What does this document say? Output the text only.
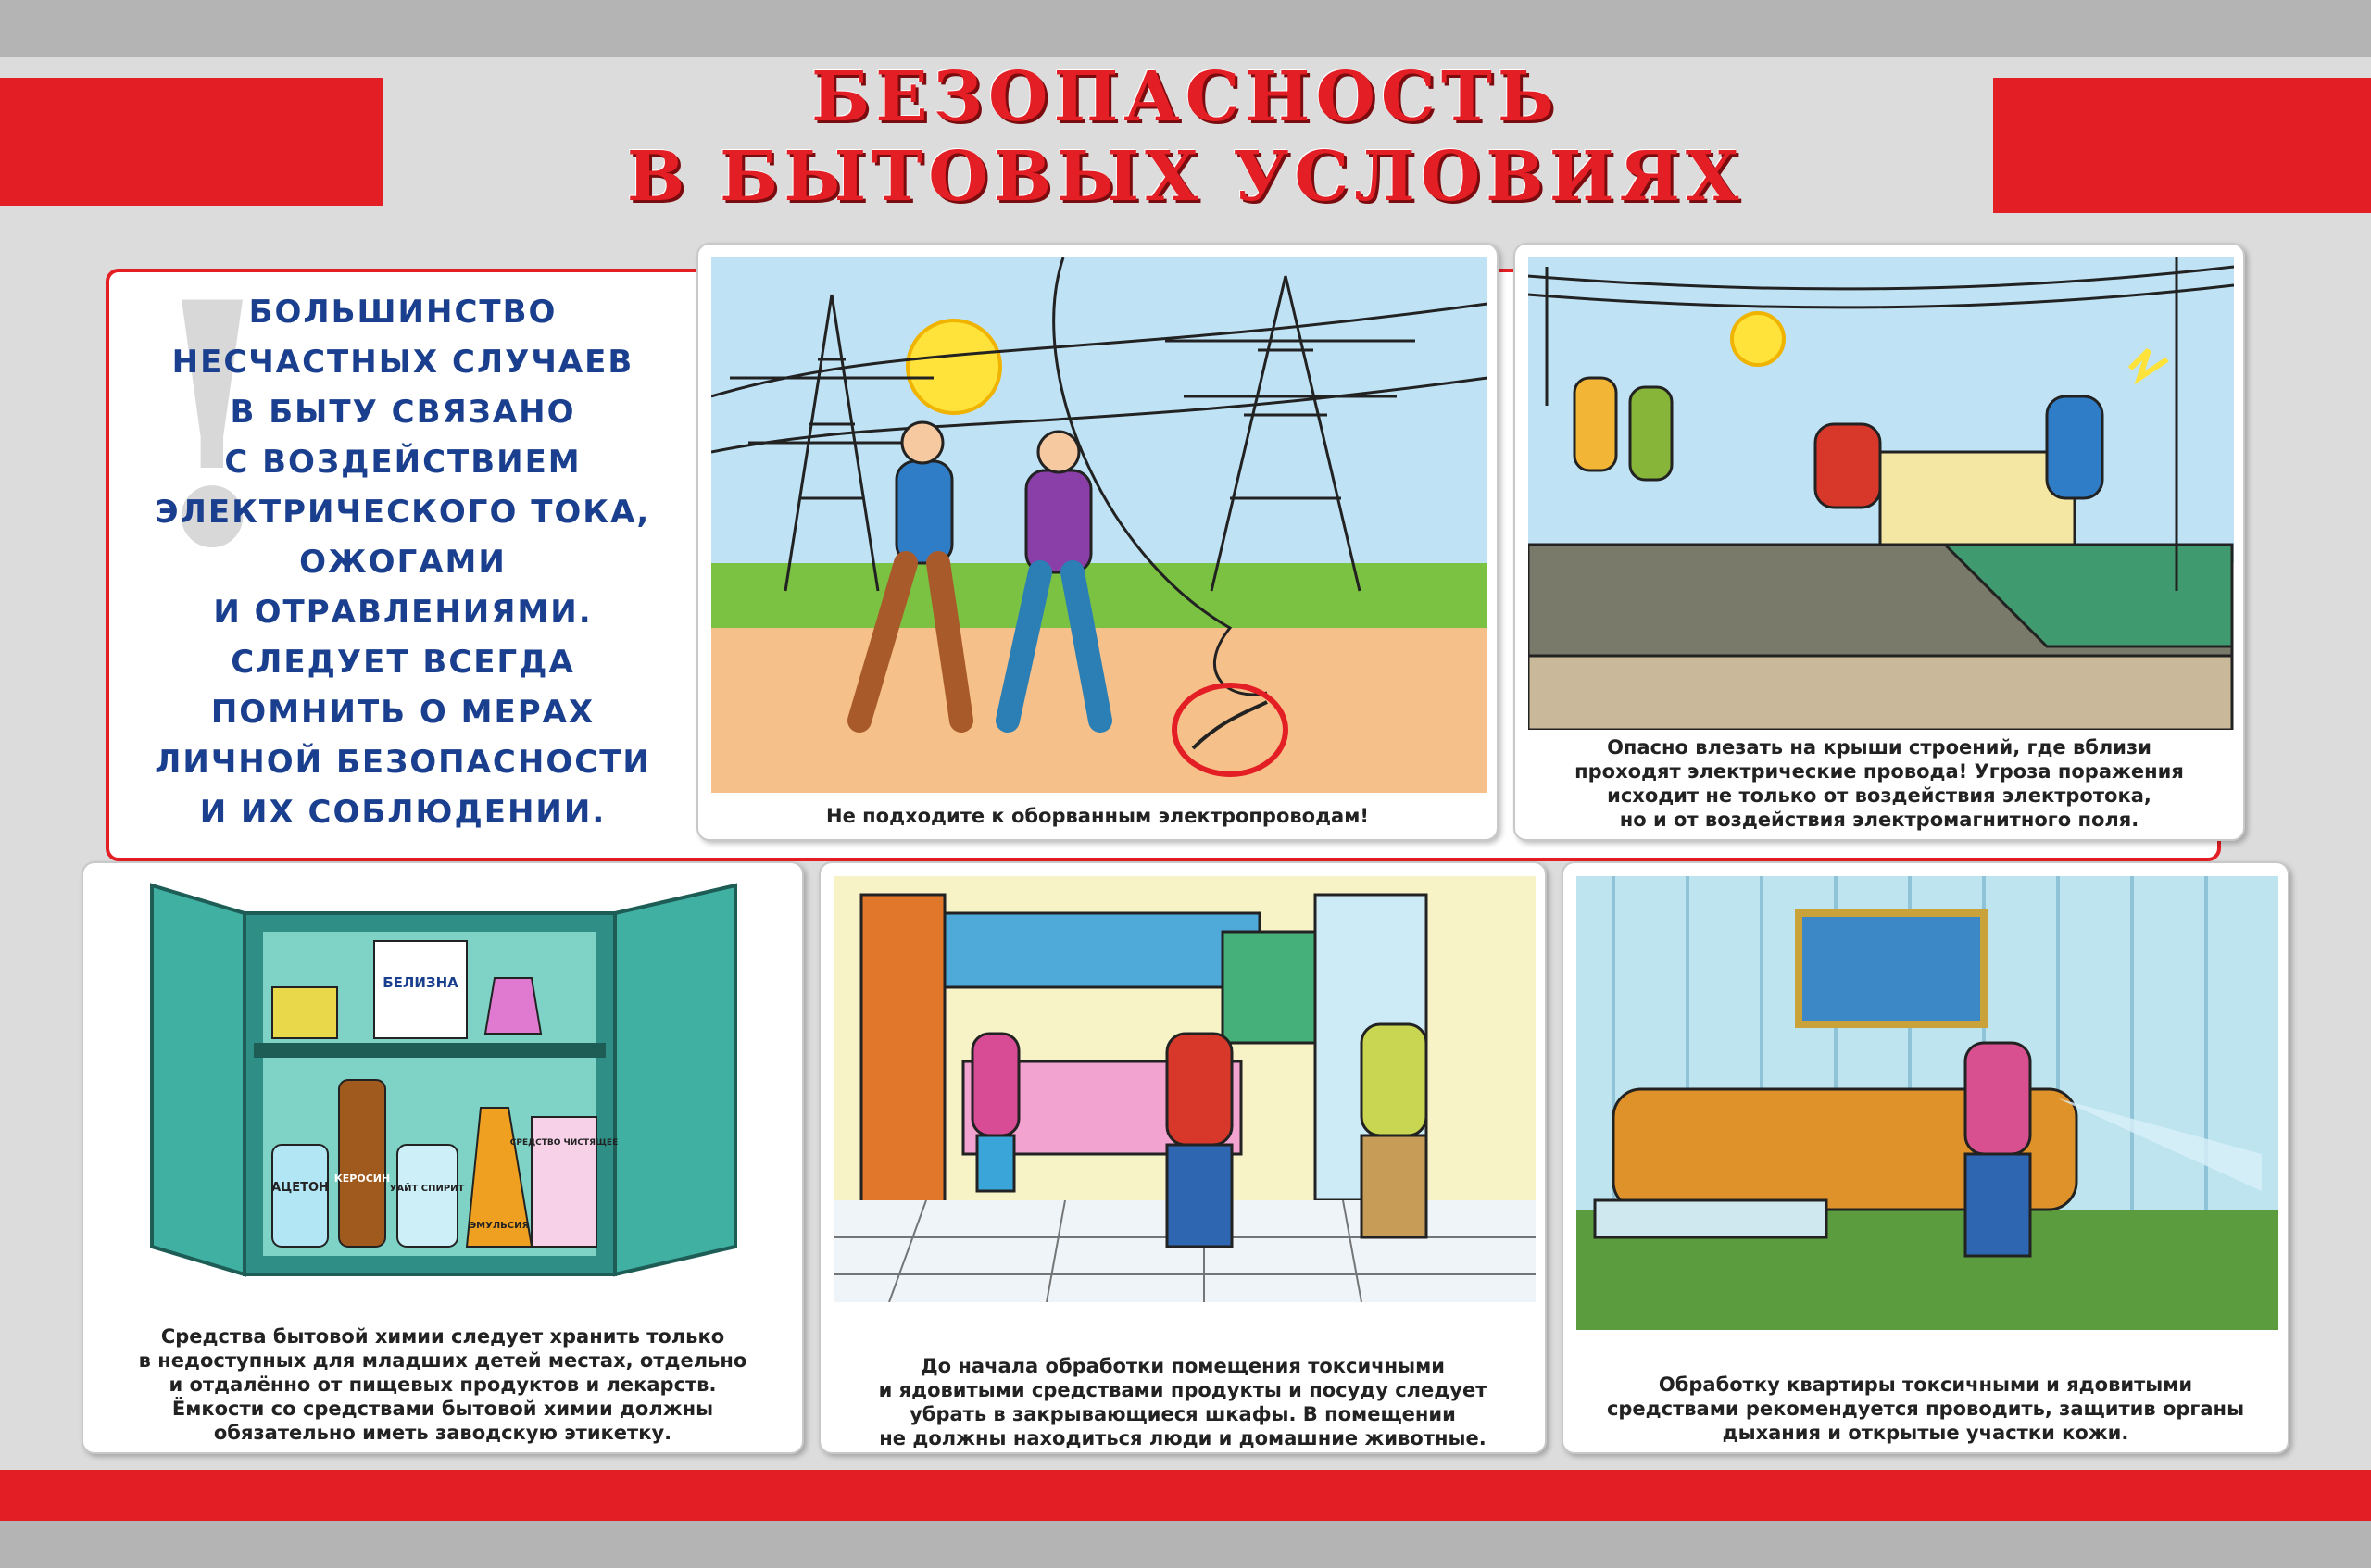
БЕЗОПАСНОСТЬ
В БЫТОВЫХ УСЛОВИЯХ
!

БОЛЬШИНСТВО
НЕСЧАСТНЫХ СЛУЧАЕВ
В БЫТУ СВЯЗАНО
С ВОЗДЕЙСТВИЕМ
ЭЛЕКТРИЧЕСКОГО ТОКА,
ОЖОГАМИ
И ОТРАВЛЕНИЯМИ.
СЛЕДУЕТ ВСЕГДА
ПОМНИТЬ О МЕРАХ
ЛИЧНОЙ БЕЗОПАСНОСТИ
И ИХ СОБЛЮДЕНИИ.	Не подходите к оборванным электропроводам!

Опасно влезать на крыши строений, где вблизи
проходят электрические провода! Угроза поражения
исходит не только от воздействия электротока,
но и от воздействия электромагнитного поля.

БЕЛИЗНА
АЦЕТОН
КЕРОСИН
УАЙТ СПИРИТ
ЭМУЛЬСИЯ
СРЕДСТВО ЧИСТЯЩЕЕ

Средства бытовой химии следует хранить только
в недоступных для младших детей местах, отдельно
и отдалённо от пищевых продуктов и лекарств.
Ёмкости со средствами бытовой химии должны
обязательно иметь заводскую этикетку.

До начала обработки помещения токсичными
и ядовитыми средствами продукты и посуду следует
убрать в закрывающиеся шкафы. В помещении
не должны находиться люди и домашние животные.

Обработку квартиры токсичными и ядовитыми
средствами рекомендуется проводить, защитив органы
дыхания и открытые участки кожи.
